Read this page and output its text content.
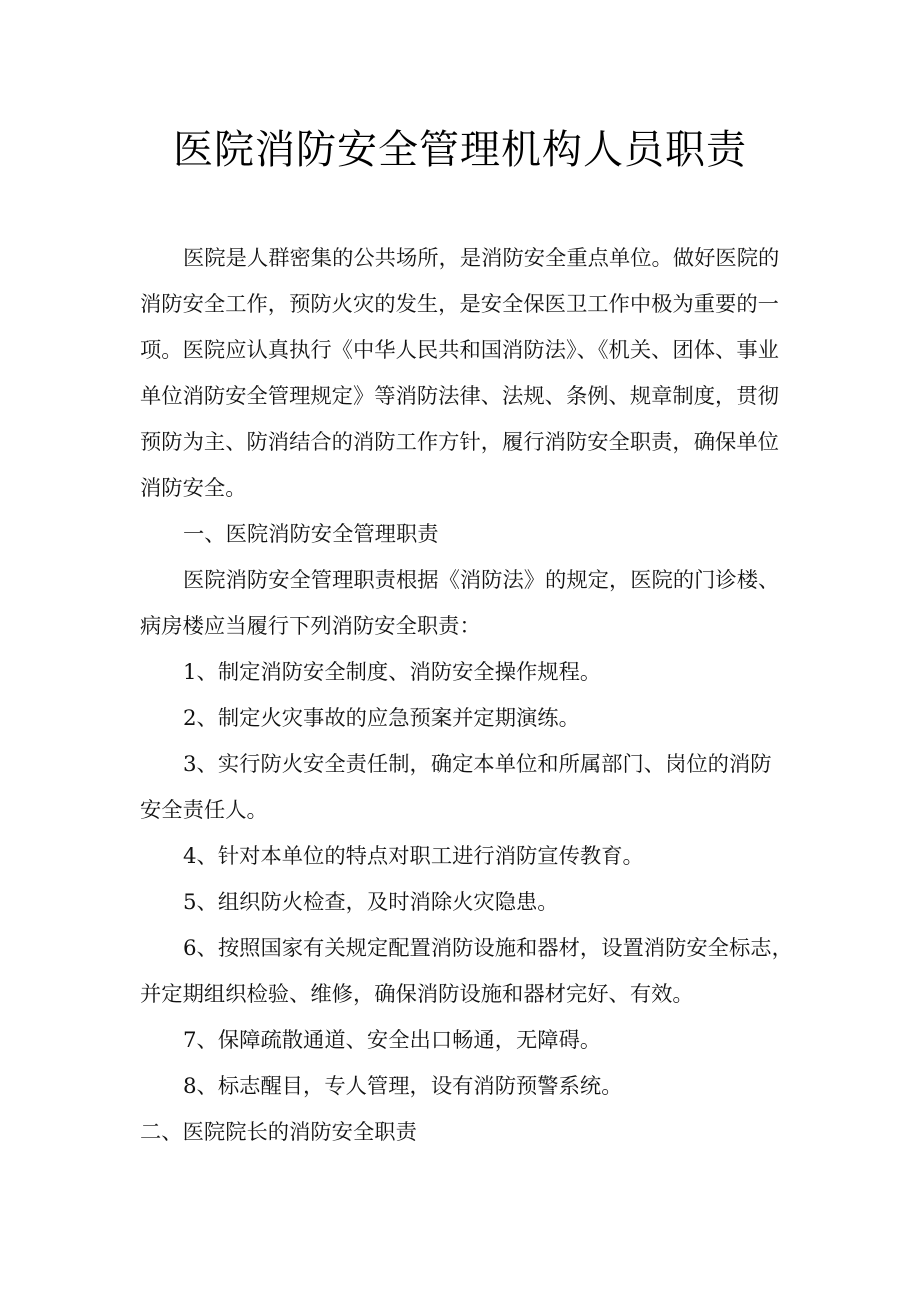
医院消防安全管理机构人员职责
医院是人群密集的公共场所，是消防安全重点单位。做好医院的
消防安全工作，预防火灾的发生，是安全保医卫工作中极为重要的一
项。医院应认真执行《中华人民共和国消防法》、《机关、团体、事业
单位消防安全管理规定》等消防法律、法规、条例、规章制度，贯彻
预防为主、防消结合的消防工作方针，履行消防安全职责，确保单位
消防安全。
一、医院消防安全管理职责
医院消防安全管理职责根据《消防法》的规定，医院的门诊楼、
病房楼应当履行下列消防安全职责：
1、制定消防安全制度、消防安全操作规程。
2、制定火灾事故的应急预案并定期演练。
3、实行防火安全责任制，确定本单位和所属部门、岗位的消防
安全责任人。
4、针对本单位的特点对职工进行消防宣传教育。
5、组织防火检查，及时消除火灾隐患。
6、按照国家有关规定配置消防设施和器材，设置消防安全标志，
并定期组织检验、维修，确保消防设施和器材完好、有效。
7、保障疏散通道、安全出口畅通，无障碍。
8、标志醒目，专人管理，设有消防预警系统。
二、医院院长的消防安全职责
